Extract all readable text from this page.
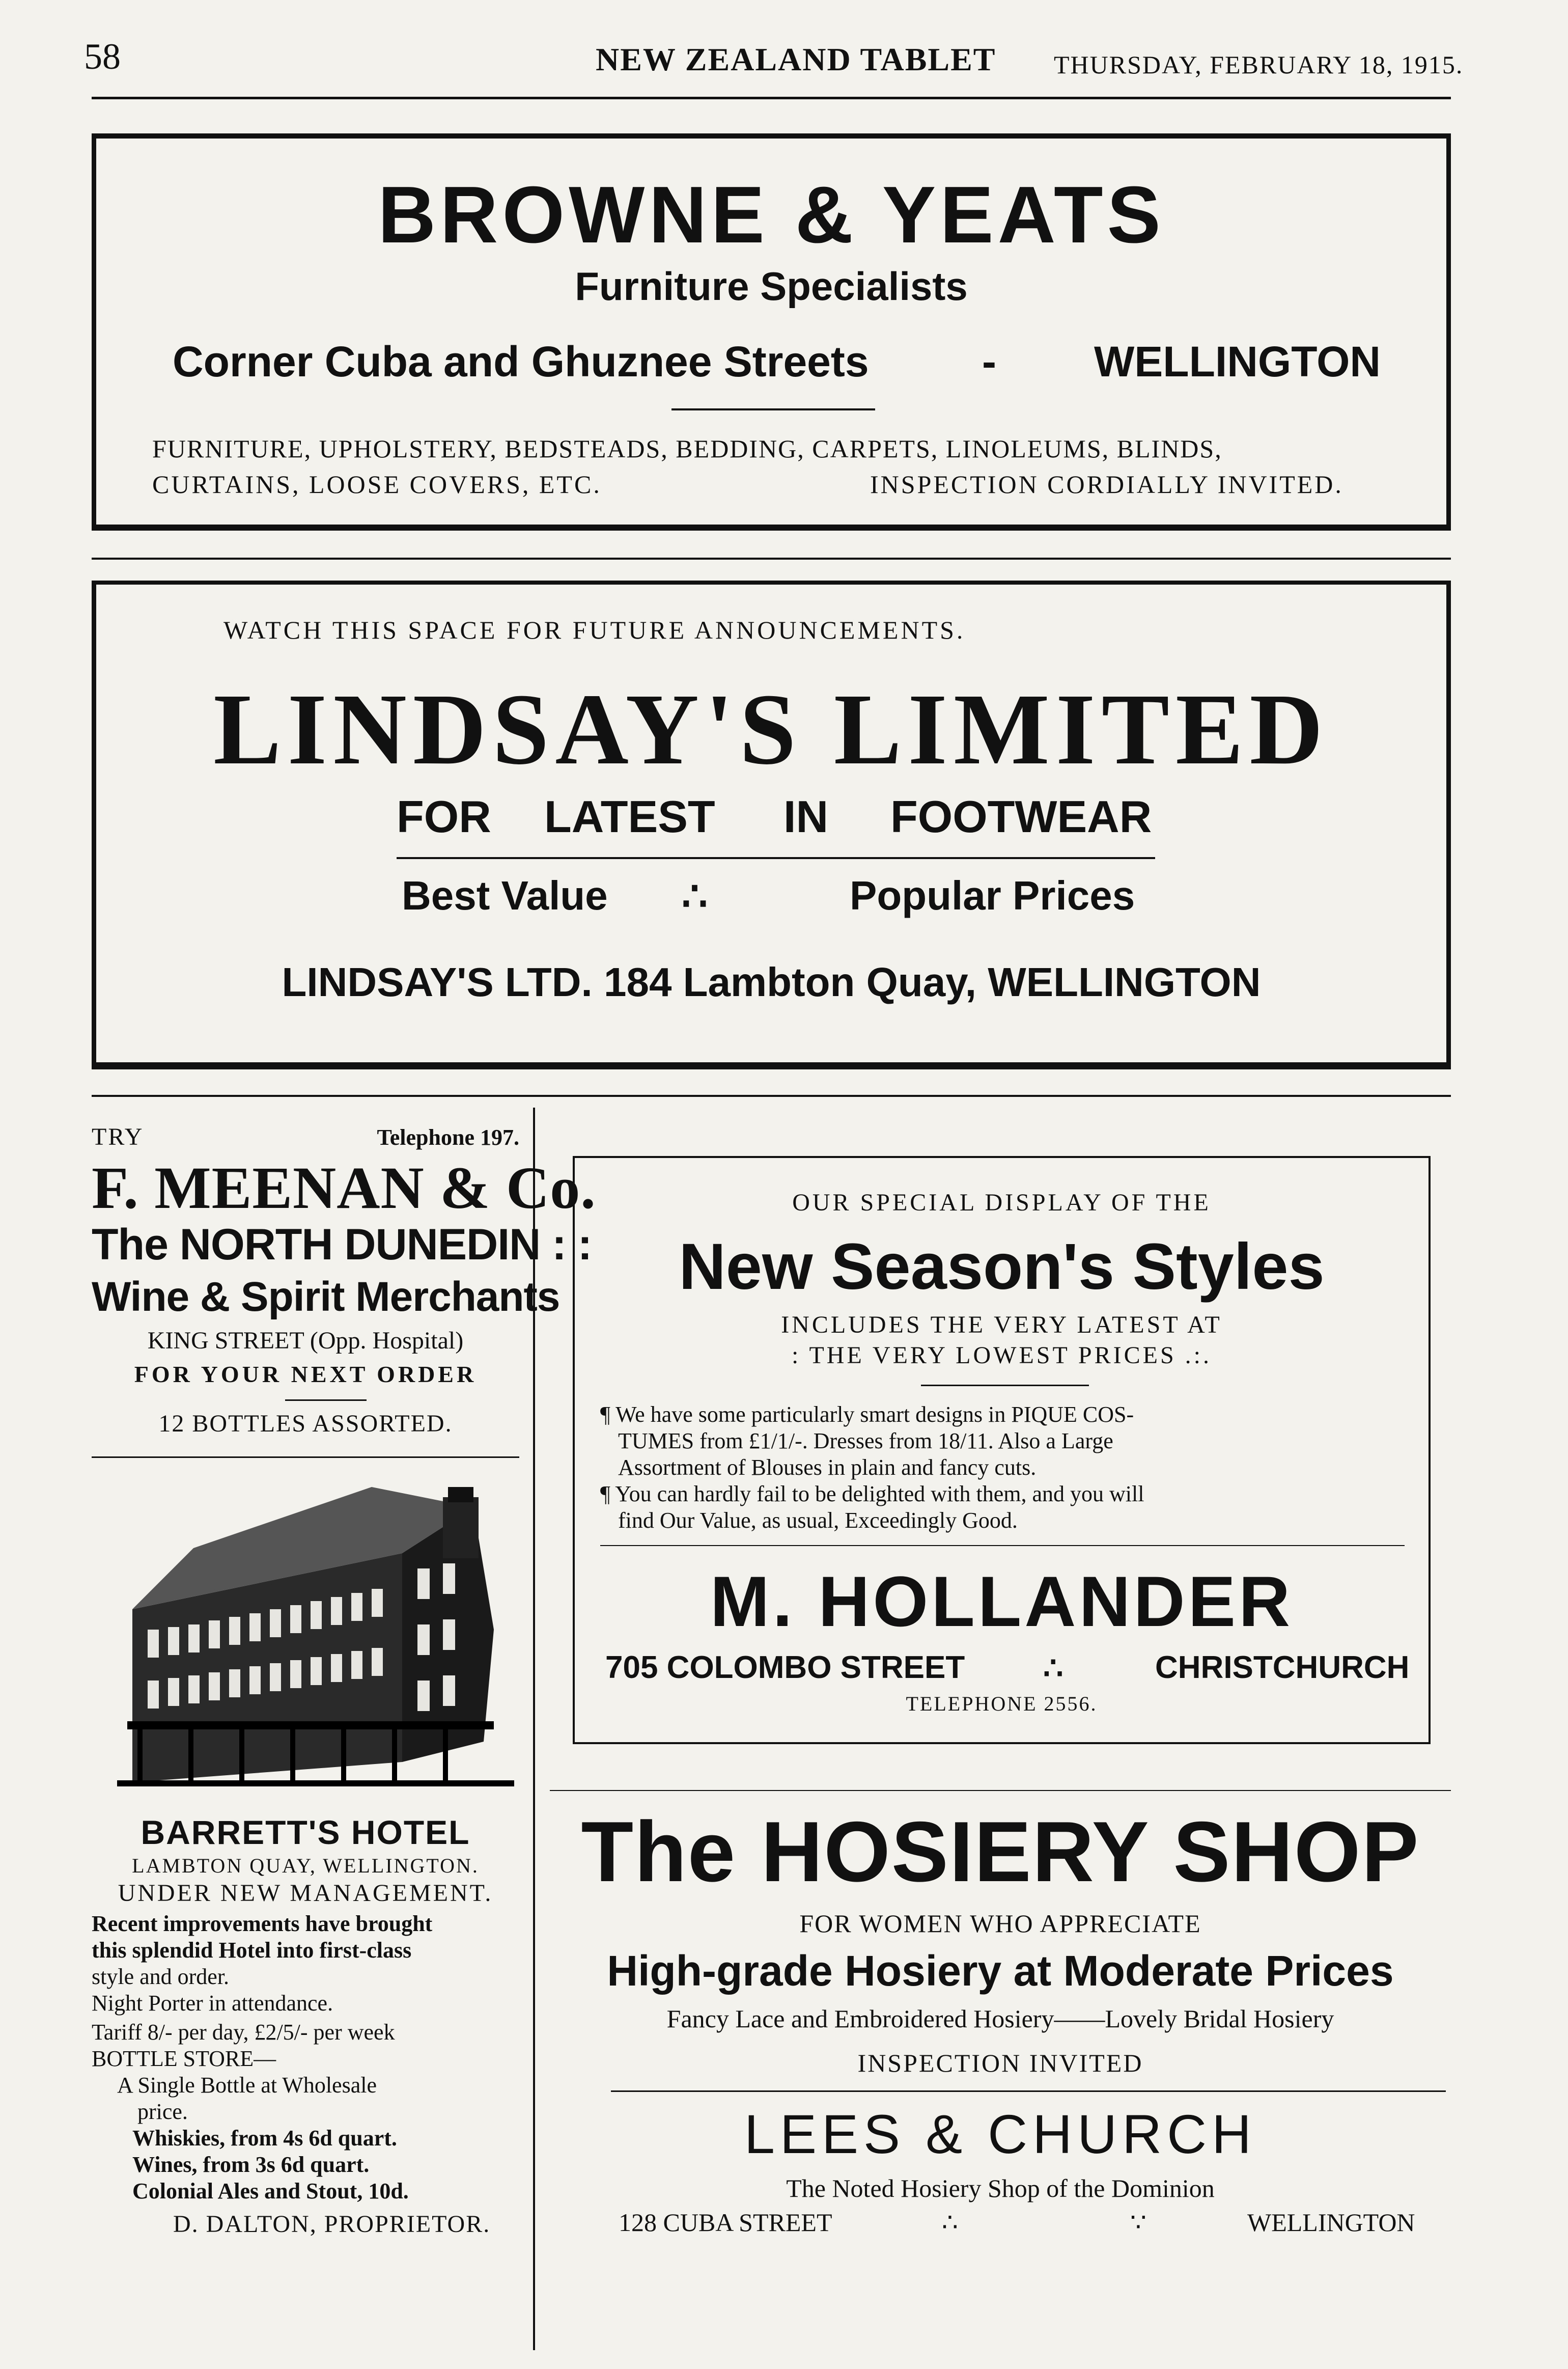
58	NEW ZEALAND TABLET THURSDAY, FEBRUARY 18, 1915.
BROWNE & YEATS
Furniture Specialists
Corner Cuba and Ghuznee Streets	- WELLINGTON
FURNITURE, UPHOLSTERY, BEDSTEADS, BEDDING, CARPETS, LINOLEUMS, BLINDS,
CURTAINS, LOOSE COVERS, ETC.	INSPECTION CORDIALLY INVITED.
WATCH THIS SPACE FOR FUTURE ANNOUNCEMENTS.
LINDSAY'S LIMITED
FOR LATEST IN FOOTWEAR
Best Value ∴	Popular Prices
LINDSAY'S LTD. 184 Lambton Quay, WELLINGTON
TRY	Telephone 197.
F. MEENAN & Co.
The NORTH DUNEDIN : :
Wine & Spirit Merchants
KING STREET (Opp. Hospital)
FOR YOUR NEXT ORDER
12 BOTTLES ASSORTED.
BARRETT'S HOTEL
LAMBTON QUAY, WELLINGTON.
UNDER NEW MANAGEMENT.
Recent improvements have brought
this splendid Hotel into first-class
style and order.
Night Porter in attendance.
Tariff 8/- per day, £2/5/- per week
BOTTLE STORE—
A Single Bottle at Wholesale
price.
Whiskies, from 4s 6d quart.
Wines, from 3s 6d quart.
Colonial Ales and Stout, 10d.
D. DALTON, PROPRIETOR.
OUR SPECIAL DISPLAY OF THE
New Season's Styles
INCLUDES THE VERY LATEST AT
: THE VERY LOWEST PRICES .:.
¶ We have some particularly smart designs in PIQUE COS-
TUMES from £1/1/-. Dresses from 18/11. Also a Large
Assortment of Blouses in plain and fancy cuts.
¶ You can hardly fail to be delighted with them, and you will
find Our Value, as usual, Exceedingly Good.
M. HOLLANDER
705 COLOMBO STREET ∴	CHRISTCHURCH
TELEPHONE 2556.
The HOSIERY SHOP
FOR WOMEN WHO APPRECIATE
High-grade Hosiery at Moderate Prices
Fancy Lace and Embroidered Hosiery——Lovely Bridal Hosiery
INSPECTION INVITED
LEES & CHURCH
The Noted Hosiery Shop of the Dominion
128 CUBA STREET	∴	∵	WELLINGTON
